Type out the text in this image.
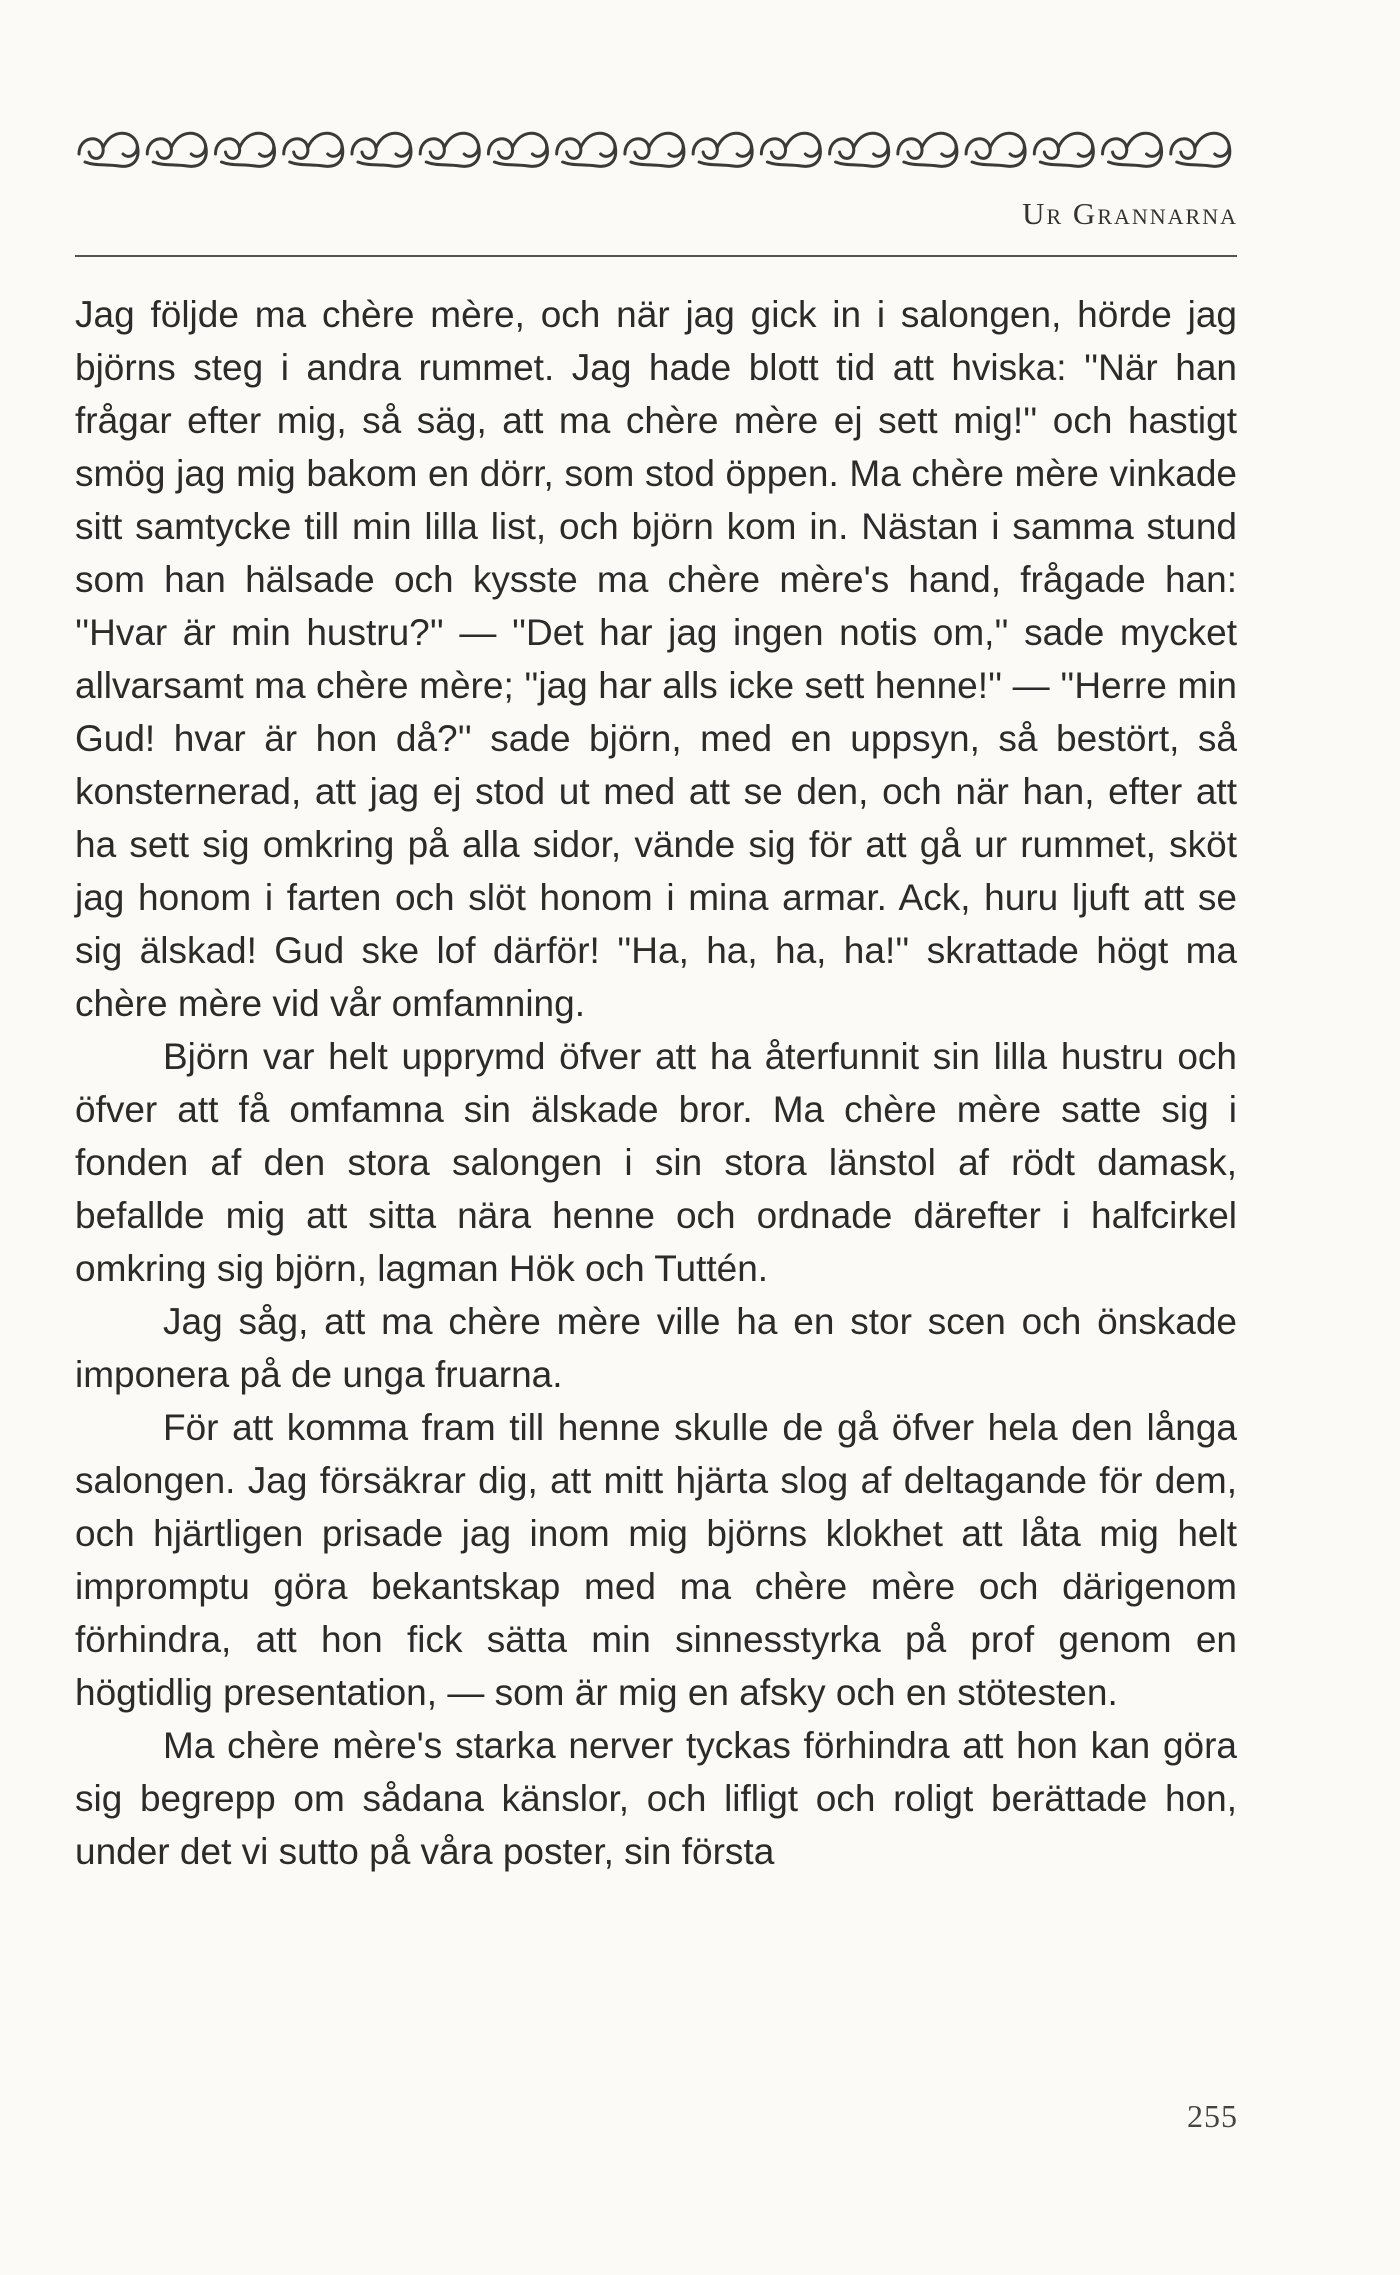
Ur Grannarna

Jag följde ma chère mère, och när jag gick in i salongen, hörde jag björns steg i andra rummet. Jag hade blott tid att hviska: ''När han frågar efter mig, så säg, att ma chère mère ej sett mig!'' och hastigt smög jag mig bakom en dörr, som stod öppen. Ma chère mère vinkade sitt samtycke till min lilla list, och björn kom in. Nästan i samma stund som han hälsade och kysste ma chère mère's hand, frågade han: ''Hvar är min hustru?'' — ''Det har jag ingen notis om,'' sade mycket allvarsamt ma chère mère; ''jag har alls icke sett henne!'' — ''Herre min Gud! hvar är hon då?'' sade björn, med en uppsyn, så bestört, så konsternerad, att jag ej stod ut med att se den, och när han, efter att ha sett sig omkring på alla sidor, vände sig för att gå ur rummet, sköt jag honom i farten och slöt honom i mina armar. Ack, huru ljuft att se sig älskad! Gud ske lof därför! ''Ha, ha, ha, ha!'' skrattade högt ma chère mère vid vår omfamning.

Björn var helt upprymd öfver att ha återfunnit sin lilla hustru och öfver att få omfamna sin älskade bror. Ma chère mère satte sig i fonden af den stora salongen i sin stora länstol af rödt damask, befallde mig att sitta nära henne och ordnade därefter i halfcirkel omkring sig björn, lagman Hök och Tuttén.

Jag såg, att ma chère mère ville ha en stor scen och önskade imponera på de unga fruarna.

För att komma fram till henne skulle de gå öfver hela den långa salongen. Jag försäkrar dig, att mitt hjärta slog af deltagande för dem, och hjärtligen prisade jag inom mig björns klokhet att låta mig helt impromptu göra bekantskap med ma chère mère och därigenom förhindra, att hon fick sätta min sinnesstyrka på prof genom en högtidlig presentation, — som är mig en afsky och en stötesten.

Ma chère mère's starka nerver tyckas förhindra att hon kan göra sig begrepp om sådana känslor, och lifligt och roligt berättade hon, under det vi sutto på våra poster, sin första

255
